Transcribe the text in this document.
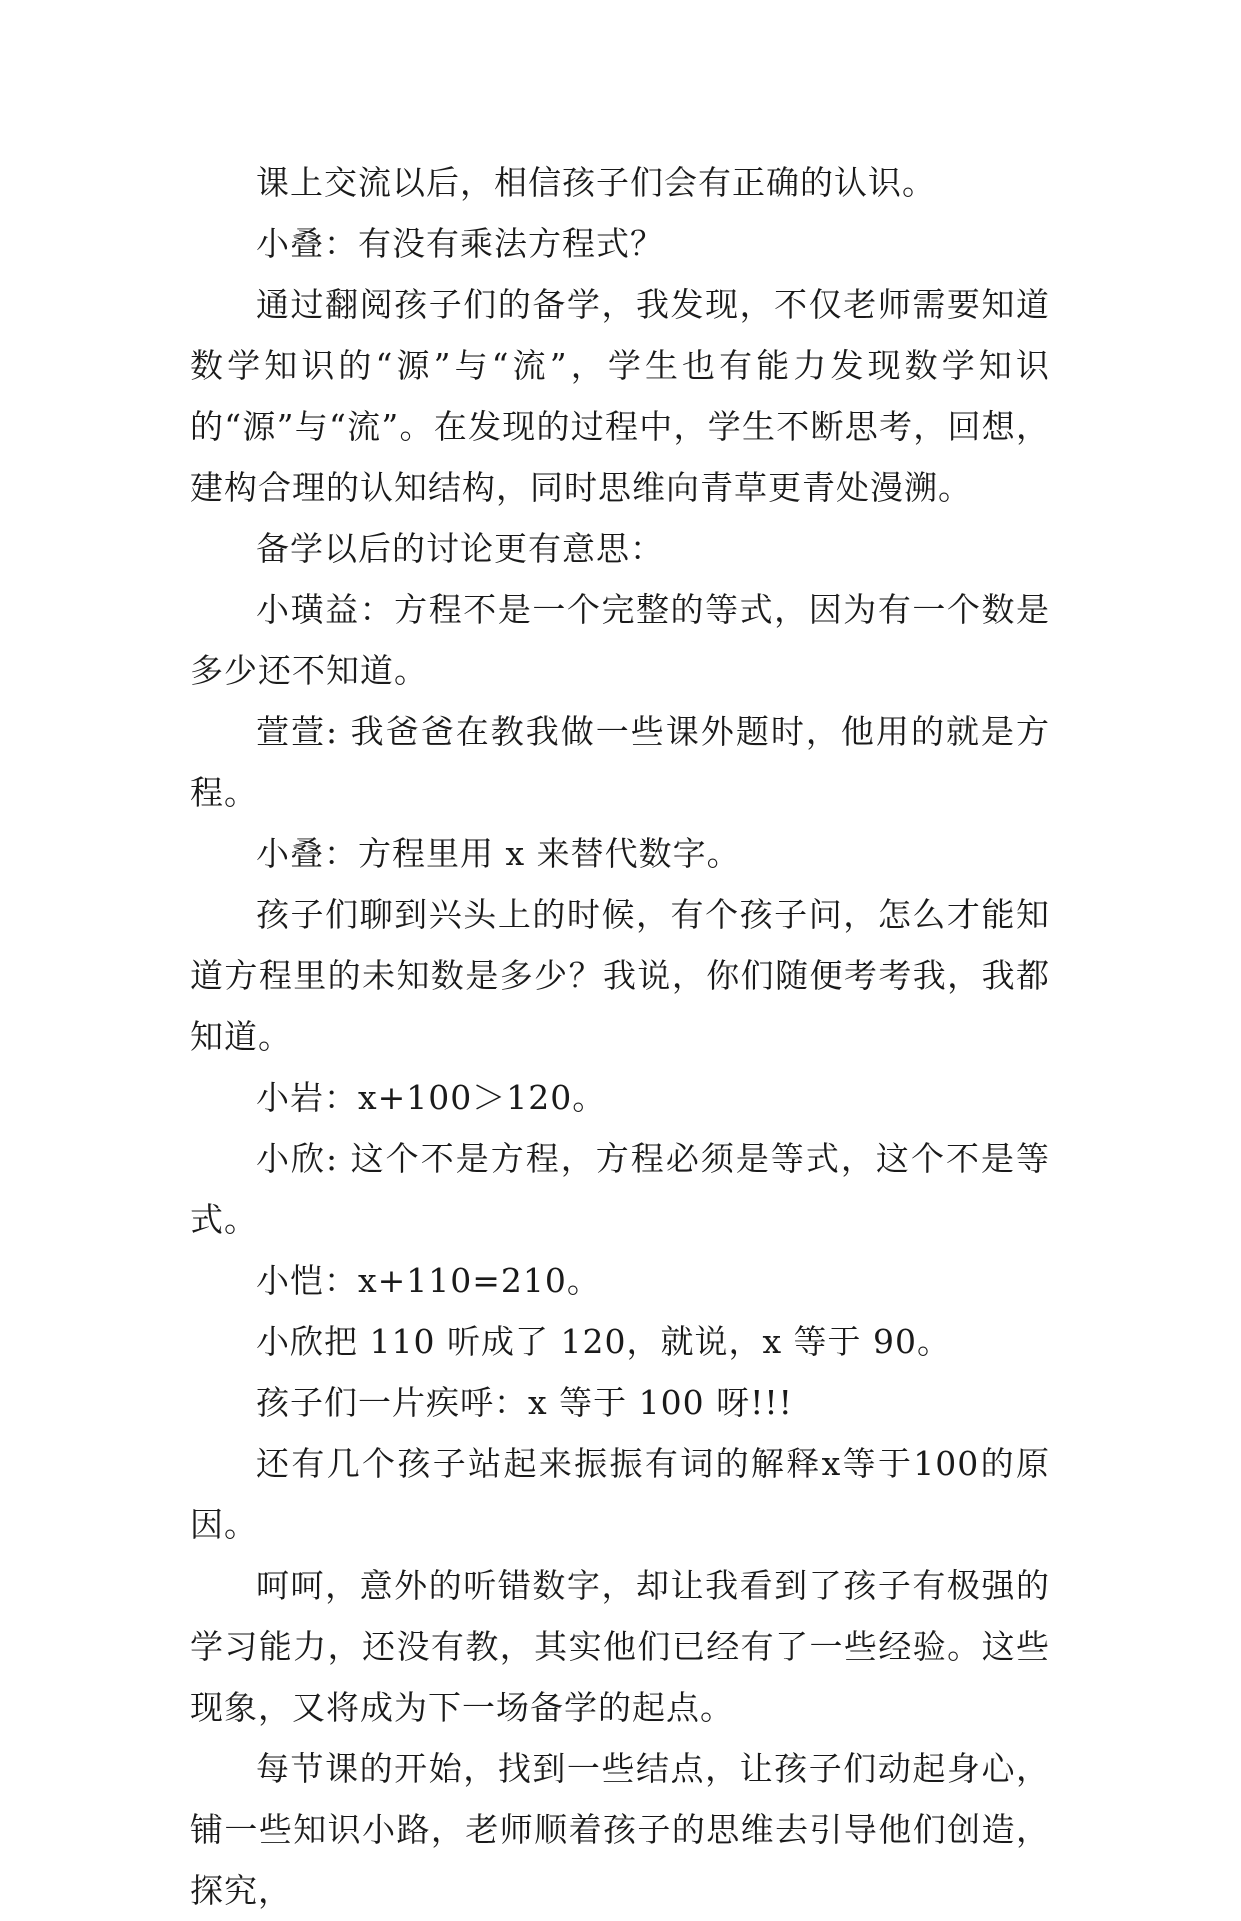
课上交流以后，相信孩子们会有正确的认识。

小叠：有没有乘法方程式？

通过翻阅孩子们的备学，我发现，不仅老师需要知道数学知识的“源”与“流”，学生也有能力发现数学知识的“源”与“流”。在发现的过程中，学生不断思考，回想，建构合理的认知结构，同时思维向青草更青处漫溯。

备学以后的讨论更有意思：

小璜益：方程不是一个完整的等式，因为有一个数是多少还不知道。

萱萱: 我爸爸在教我做一些课外题时，他用的就是方程。

小叠：方程里用 x 来替代数字。

孩子们聊到兴头上的时候，有个孩子问，怎么才能知道方程里的未知数是多少？我说，你们随便考考我，我都知道。

小岩：x+100＞120。

小欣: 这个不是方程，方程必须是等式，这个不是等式。

小恺：x+110=210。

小欣把 110 听成了 120，就说，x 等于 90。

孩子们一片疾呼：x 等于 100 呀!!!

还有几个孩子站起来振振有词的解释x等于100的原因。

呵呵，意外的听错数字，却让我看到了孩子有极强的学习能力，还没有教，其实他们已经有了一些经验。这些现象，又将成为下一场备学的起点。

每节课的开始，找到一些结点，让孩子们动起身心，铺一些知识小路，老师顺着孩子的思维去引导他们创造，探究，
